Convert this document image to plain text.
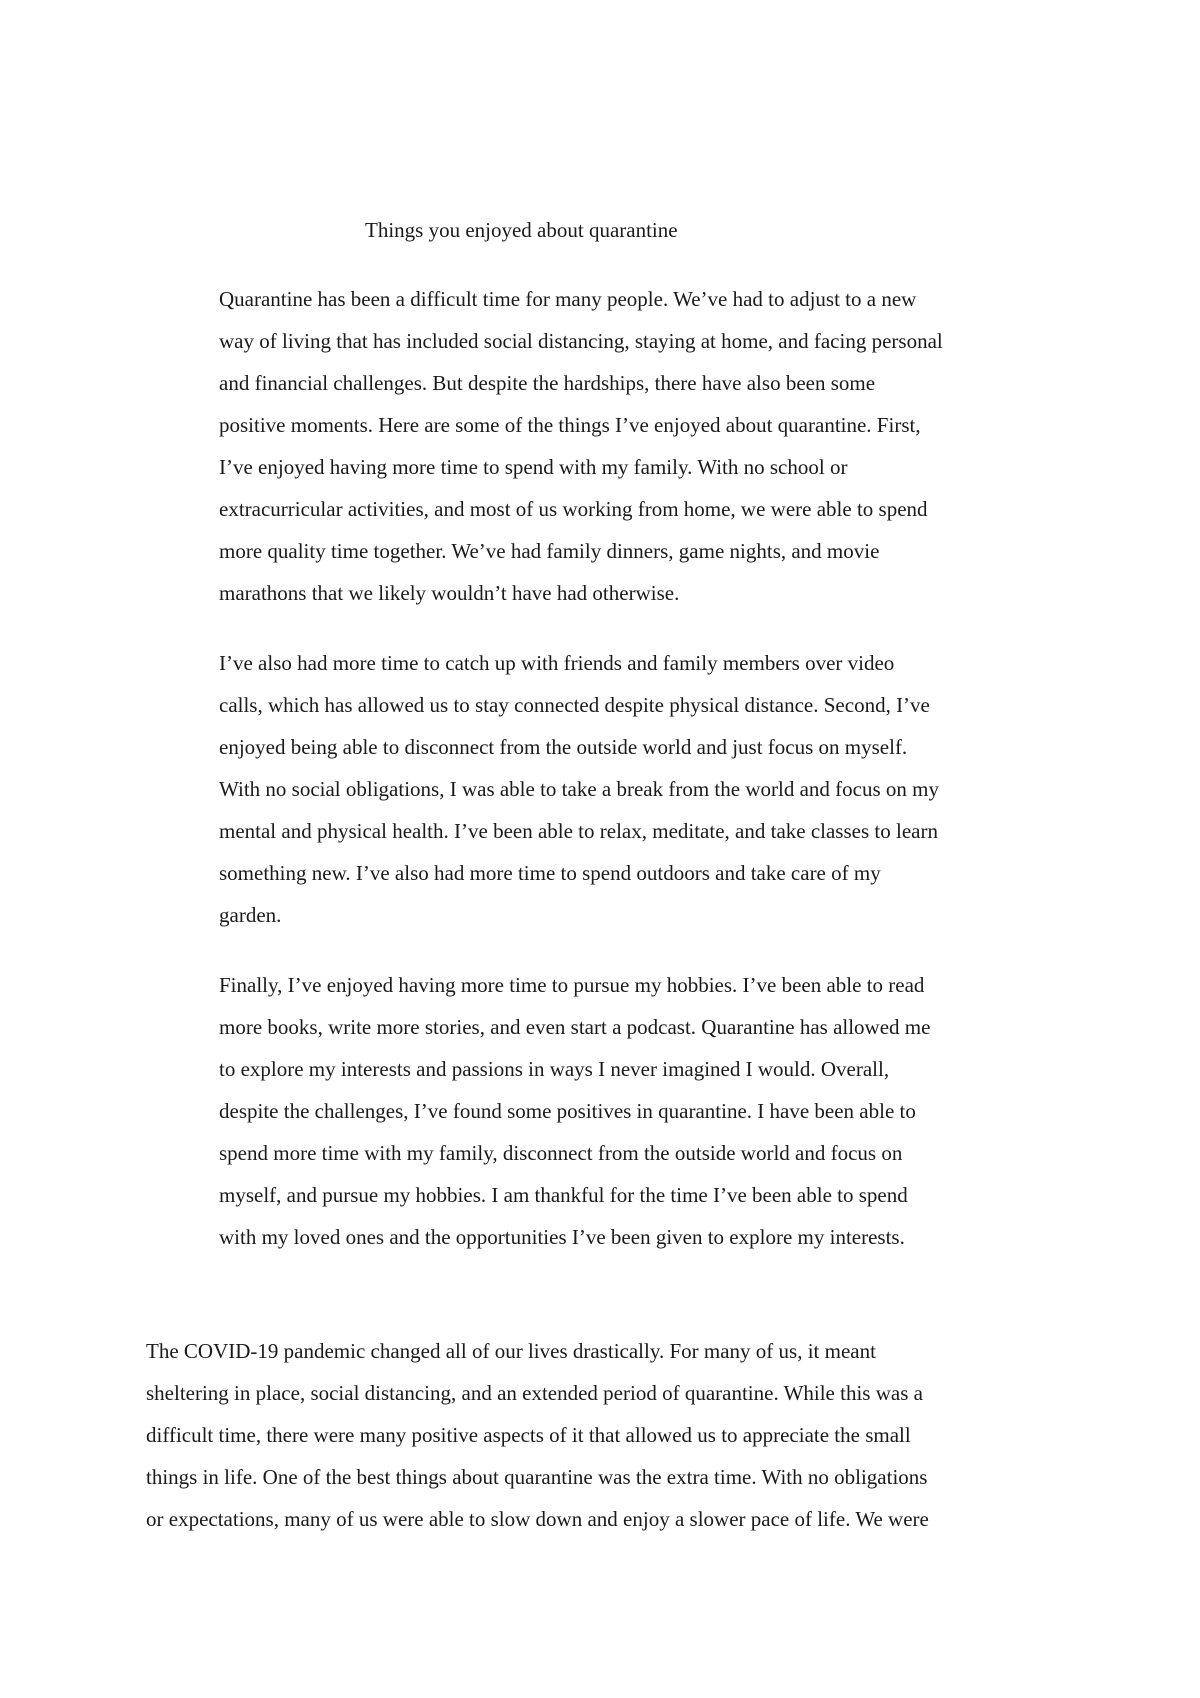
Things you enjoyed about quarantine

Quarantine has been a difficult time for many people. We’ve had to adjust to a new
way of living that has included social distancing, staying at home, and facing personal
and financial challenges. But despite the hardships, there have also been some
positive moments. Here are some of the things I’ve enjoyed about quarantine. First,
I’ve enjoyed having more time to spend with my family. With no school or
extracurricular activities, and most of us working from home, we were able to spend
more quality time together. We’ve had family dinners, game nights, and movie
marathons that we likely wouldn’t have had otherwise.

I’ve also had more time to catch up with friends and family members over video
calls, which has allowed us to stay connected despite physical distance. Second, I’ve
enjoyed being able to disconnect from the outside world and just focus on myself.
With no social obligations, I was able to take a break from the world and focus on my
mental and physical health. I’ve been able to relax, meditate, and take classes to learn
something new. I’ve also had more time to spend outdoors and take care of my
garden.

Finally, I’ve enjoyed having more time to pursue my hobbies. I’ve been able to read
more books, write more stories, and even start a podcast. Quarantine has allowed me
to explore my interests and passions in ways I never imagined I would. Overall,
despite the challenges, I’ve found some positives in quarantine. I have been able to
spend more time with my family, disconnect from the outside world and focus on
myself, and pursue my hobbies. I am thankful for the time I’ve been able to spend
with my loved ones and the opportunities I’ve been given to explore my interests.

The COVID-19 pandemic changed all of our lives drastically. For many of us, it meant
sheltering in place, social distancing, and an extended period of quarantine. While this was a
difficult time, there were many positive aspects of it that allowed us to appreciate the small
things in life. One of the best things about quarantine was the extra time. With no obligations
or expectations, many of us were able to slow down and enjoy a slower pace of life. We were
